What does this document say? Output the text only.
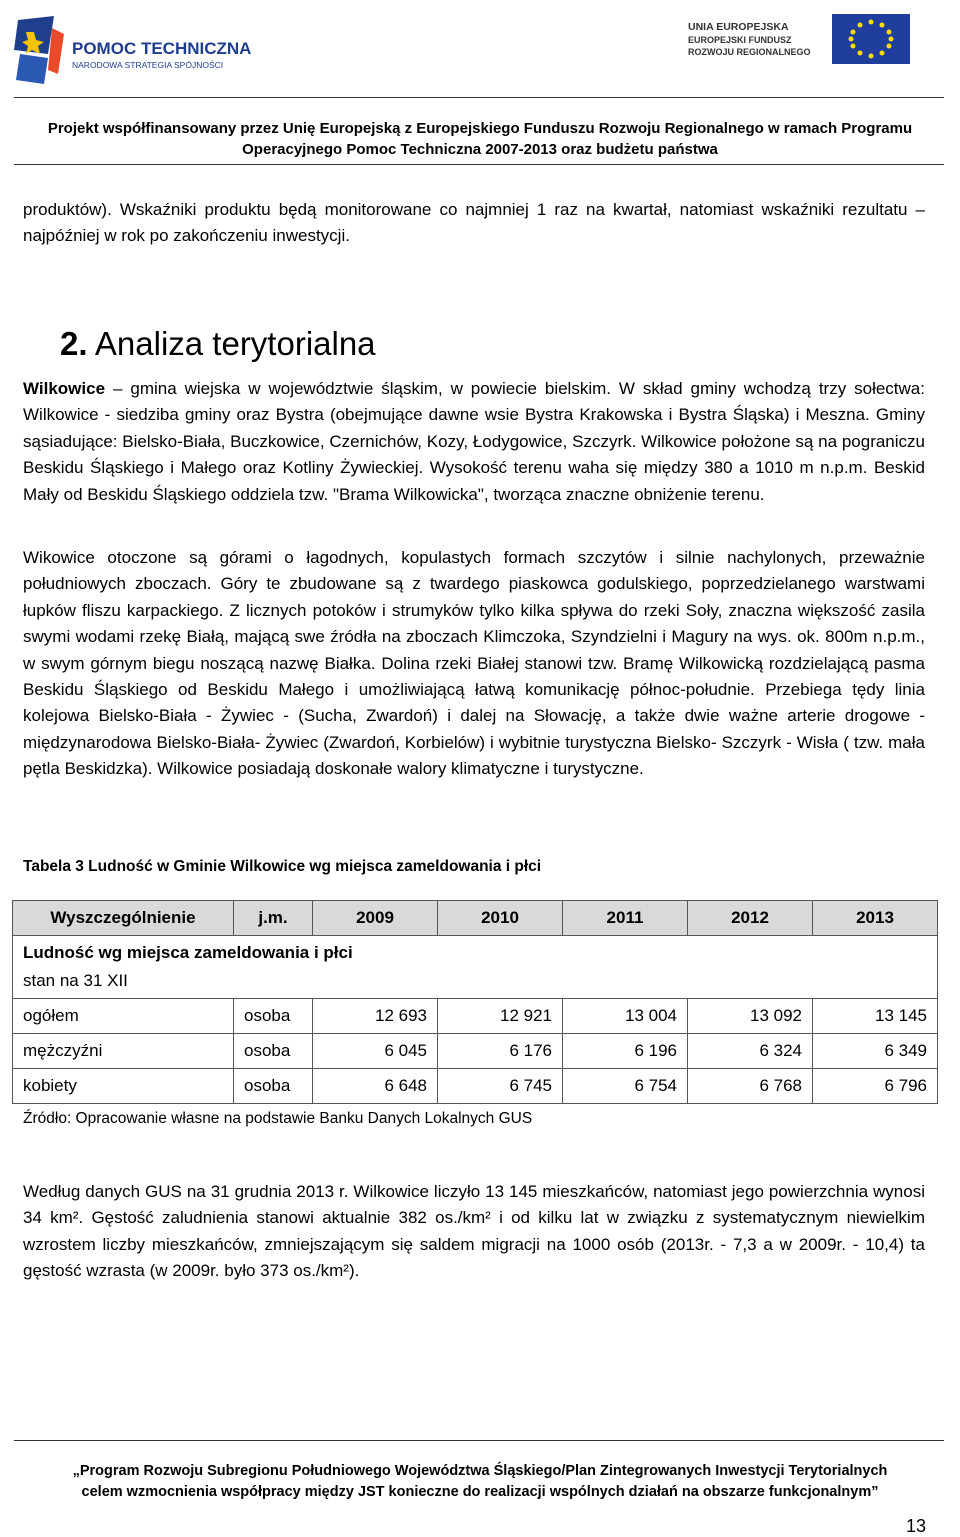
POMOC TECHNICZNA
NARODOWA STRATEGIA SPÓJNOŚCI
UNIA EUROPEJSKA
EUROPEJSKI FUNDUSZ
ROZWOJU REGIONALNEGO
Projekt współfinansowany przez Unię Europejską z Europejskiego Funduszu Rozwoju Regionalnego w ramach Programu
Operacyjnego Pomoc Techniczna 2007-2013 oraz budżetu państwa
produktów). Wskaźniki produktu będą monitorowane co najmniej 1 raz na kwartał, natomiast wskaźniki rezultatu – najpóźniej w rok po zakończeniu inwestycji.
2. Analiza terytorialna

Wilkowice – gmina wiejska w województwie śląskim, w powiecie bielskim. W skład gminy wchodzą trzy sołectwa: Wilkowice - siedziba gminy oraz Bystra (obejmujące dawne wsie Bystra Krakowska i Bystra Śląska) i Meszna. Gminy sąsiadujące: Bielsko-Biała, Buczkowice, Czernichów, Kozy, Łodygowice, Szczyrk. Wilkowice położone są na pograniczu Beskidu Śląskiego i Małego oraz Kotliny Żywieckiej. Wysokość terenu waha się między 380 a 1010 m n.p.m. Beskid Mały od Beskidu Śląskiego oddziela tzw. "Brama Wilkowicka", tworząca znaczne obniżenie terenu.

Wikowice otoczone są górami o łagodnych, kopulastych formach szczytów i silnie nachylonych, przeważnie południowych zboczach. Góry te zbudowane są z twardego piaskowca godulskiego, poprzedzielanego warstwami łupków fliszu karpackiego. Z licznych potoków i strumyków tylko kilka spływa do rzeki Soły, znaczna większość zasila swymi wodami rzekę Białą, mającą swe źródła na zboczach Klimczoka, Szyndzielni i Magury na wys. ok. 800m n.p.m., w swym górnym biegu noszącą nazwę Białka. Dolina rzeki Białej stanowi tzw. Bramę Wilkowicką rozdzielającą pasma Beskidu Śląskiego od Beskidu Małego i umożliwiającą łatwą komunikację północ-południe. Przebiega tędy linia kolejowa Bielsko-Biała - Żywiec - (Sucha, Zwardoń) i dalej na Słowację, a także dwie ważne arterie drogowe - międzynarodowa Bielsko-Biała- Żywiec (Zwardoń, Korbielów) i wybitnie turystyczna Bielsko- Szczyrk - Wisła ( tzw. mała pętla Beskidzka). Wilkowice posiadają doskonałe walory klimatyczne i turystyczne.
Tabela 3 Ludność w Gminie Wilkowice wg miejsca zameldowania i płci
Wyszczególnienie	j.m.	2009	2010	2011	2012	2013
Ludność wg miejsca zameldowania i płci
stan na 31 XII						
ogółem	osoba	12 693	12 921	13 004	13 092	13 145
mężczyźni	osoba	6 045	6 176	6 196	6 324	6 349
kobiety	osoba	6 648	6 745	6 754	6 768	6 796
Źródło: Opracowanie własne na podstawie Banku Danych Lokalnych GUS
Według danych GUS na 31 grudnia 2013 r. Wilkowice liczyło 13 145 mieszkańców, natomiast jego powierzchnia wynosi 34 km². Gęstość zaludnienia stanowi aktualnie 382 os./km² i od kilku lat w związku z systematycznym niewielkim wzrostem liczby mieszkańców, zmniejszającym się saldem migracji na 1000 osób (2013r. - 7,3 a w 2009r. - 10,4) ta gęstość wzrasta (w 2009r. było 373 os./km²).
„Program Rozwoju Subregionu Południowego Województwa Śląskiego/Plan Zintegrowanych Inwestycji Terytorialnych
celem wzmocnienia współpracy między JST konieczne do realizacji wspólnych działań na obszarze funkcjonalnym”
13
